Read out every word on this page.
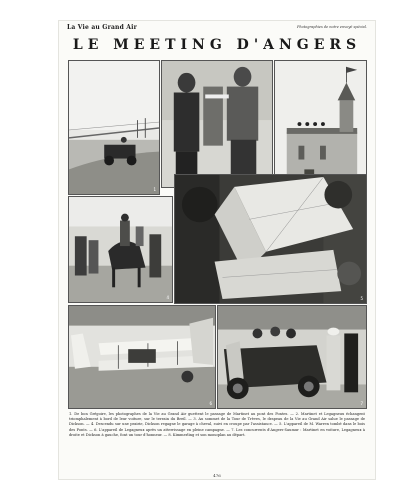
La Vie au Grand Air	Photographies de notre envoyé spécial.
LE MEETING D'ANGERS
1
4	5
6	7
1. De bon Grégoire, les photographes de la Vie au Grand Air guettent le passage de Martinet au pont des Fontes. — 2. Martinet et Legagneux échangent triomphalement à bord de leur voiture, sur le terrain du Breil. — 3. Au sommet de la Tour de Trèves, le drapeau de la Vie au Grand Air salue le passage de Dickson. — 4. Descendu sur une prairie, Dickson regagne le garage à cheval, suivi en croupe par l'assistance. — 5. L'appareil de M. Warren tombé dans le bois des Ponts. — 6. L'appareil de Legagneux après un atterrissage en pleine campagne. — 7. Les concurrents d'Angers-Saumur : Martinet en voiture, Legagneux à droite et Dickson à gauche, font un tour d'honneur. — 8. Kimmerling et son monoplan au départ.
476
